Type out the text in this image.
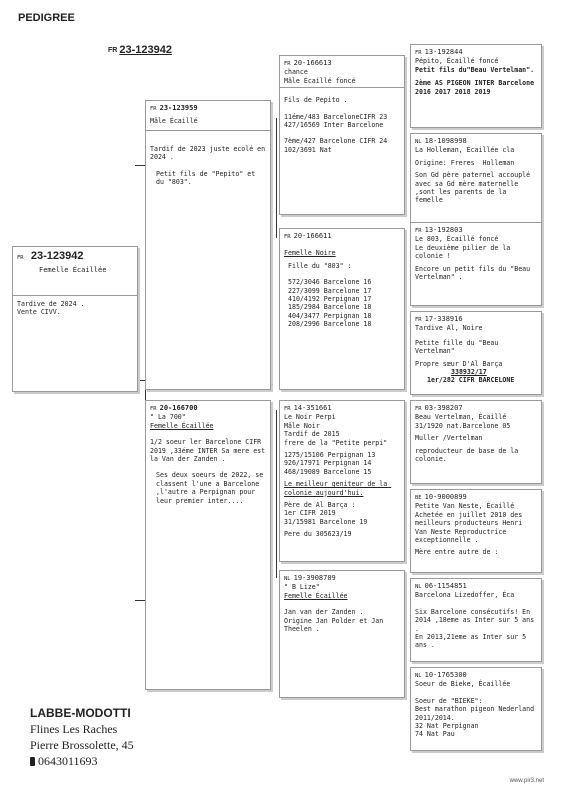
PEDIGREE
FR 23-123942

FR 23-123942

Femelle Écaillée

Tardive de 2024 .

Vente CIVV.

FR 23-123959

Mâle Écaillé

Tardif de 2023 juste ecolé en 2024 .

Petit fils de "Pepito" et du "803".

FR 20-166700

" La 700"

Femelle Écaillée

1/2 soeur ler Barcelone CIFR 2019 ,33éme INTER Sa mere est la Van der Zanden .

Ses deux soeurs de 2022, se classent l'une a Barcelone ,l'autre a Perpignan pour leur premier inter....

FR 20-166613

chance

Mâle Écaillé foncé

Fils de Pepito .

11éme/483 BarceloneCIFR 23 427/16569 Inter Barcelone

7ème/427 Barcelone CIFR 24 102/3691 Nat

FR 20-166611

Femelle Noire

Fille du "803" :

572/3046 Barcelone 16
227/3099 Barcelone 17
410/4192 Perpignan 17
185/2984 Barcelone 18
404/3477 Perpignan 18
208/2996 Barcelone 18

FR 14-351661

Le Noir Perpi

Mâle Noir

Tardif de 2015
frere de la "Petite perpi"

1275/15106 Perpignan 13
926/17971 Perpignan 14
468/19089 Barcelone 15

Le meilleur geniteur de la colonie aujourd'hui.

Père de Al Barça :
1er CIFR 2019
31/15981 Barcelone 19

Pere du 305623/19

NL 19-3908709

" B Lize"

Femelle Écaillée

Jan van der Zanden .
Origine Jan Polder et Jan Theelen .

FR 13-192844

Pépito, Écaillé foncé

Petit fils du"Beau Vertelman".

2ème AS PIGEON INTER Barcelone 2016 2017 2018 2019

NL 18-1098998

La Holleman, Écaillée cla

Origine: Freres  Holleman

Son Gd père paternel accouplé avec sa Gd mère maternelle ,sont les parents de la femelle

FR 13-192803

Le 803, Écaillé foncé

Le deuxième pilier de la colonie !

Encore un petit fils du "Beau Vertelman" .

FR 17-338916

Tardive Al, Noire

Petite fille du "Beau Vertelman"

Propre sœur D'Al Barça

338932/17

1er/282 CIFR BARCELONE

FR 03-398207

Beau Vertelman, Écaillé

31/1920 nat.Barcelone 05

Muller /Vertelman

reproducteur de base de la colonie.

BE 10-9000899

Petite Van Neste, Écaillé

Achetée en juillet 2010 des meilleurs producteurs Henri Van Neste Reproductrice exceptionnelle .

Mère entre autre de :

NL 06-1154851

Barcelona Lizedoffer, Éca

Six Barcelone consécutifs! En 2014 ,18eme as Inter sur 5 ans .
En 2013,21eme as Inter sur 5 ans .

NL 10-1765300

Soeur de Bieke, Écaillée

Soeur de "BIEKE":
Best marathon pigeon Nederland 2011/2014.
32 Nat Perpignan
74 Nat Pau

LABBE-MODOTTI
Flines Les Raches
Pierre Brossolette, 45
0643011693
www.pir3.net
